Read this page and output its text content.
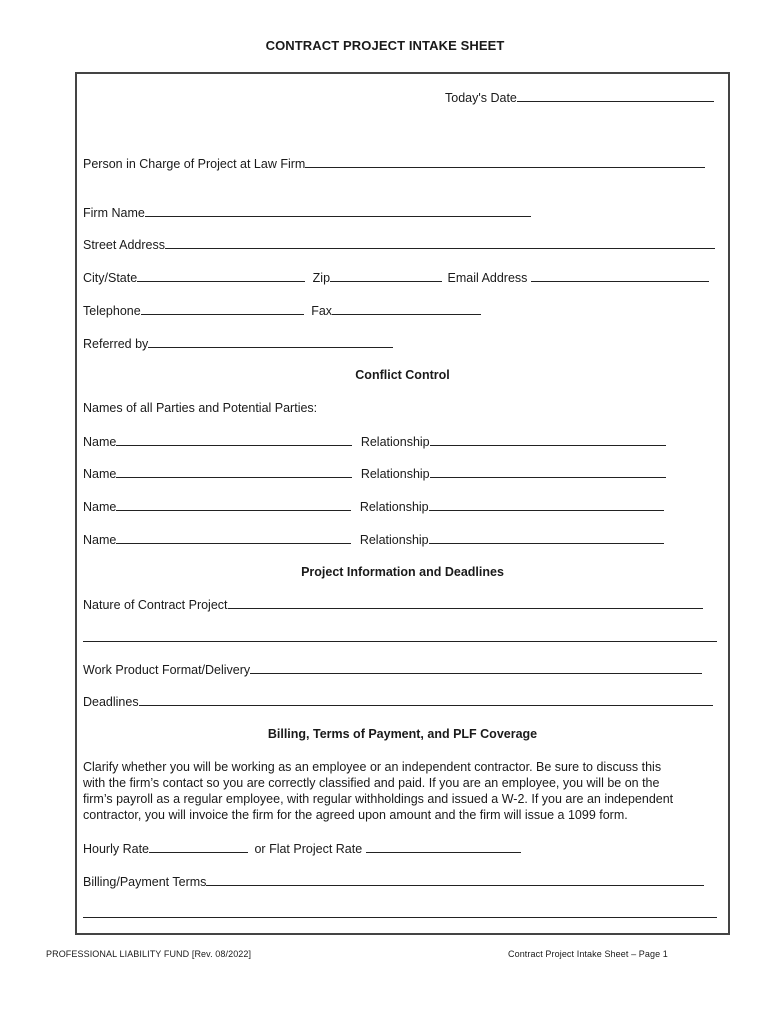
CONTRACT PROJECT INTAKE SHEET
Today's Date
Person in Charge of Project at Law Firm
Firm Name
Street Address
City/State	Zip	Email Address
Telephone	Fax
Referred by
Conflict Control
Names of all Parties and Potential Parties:
Name	Relationship
Name	Relationship
Name	Relationship
Name	Relationship
Project Information and Deadlines
Nature of Contract Project
Work Product Format/Delivery
Deadlines
Billing, Terms of Payment, and PLF Coverage
Clarify whether you will be working as an employee or an independent contractor. Be sure to discuss this
with the firm’s contact so you are correctly classified and paid. If you are an employee, you will be on the
firm’s payroll as a regular employee, with regular withholdings and issued a W-2. If you are an independent
contractor, you will invoice the firm for the agreed upon amount and the firm will issue a 1099 form.
Hourly Rate	or Flat Project Rate
Billing/Payment Terms
PROFESSIONAL LIABILITY FUND [Rev. 08/2022]	Contract Project Intake Sheet – Page 1
